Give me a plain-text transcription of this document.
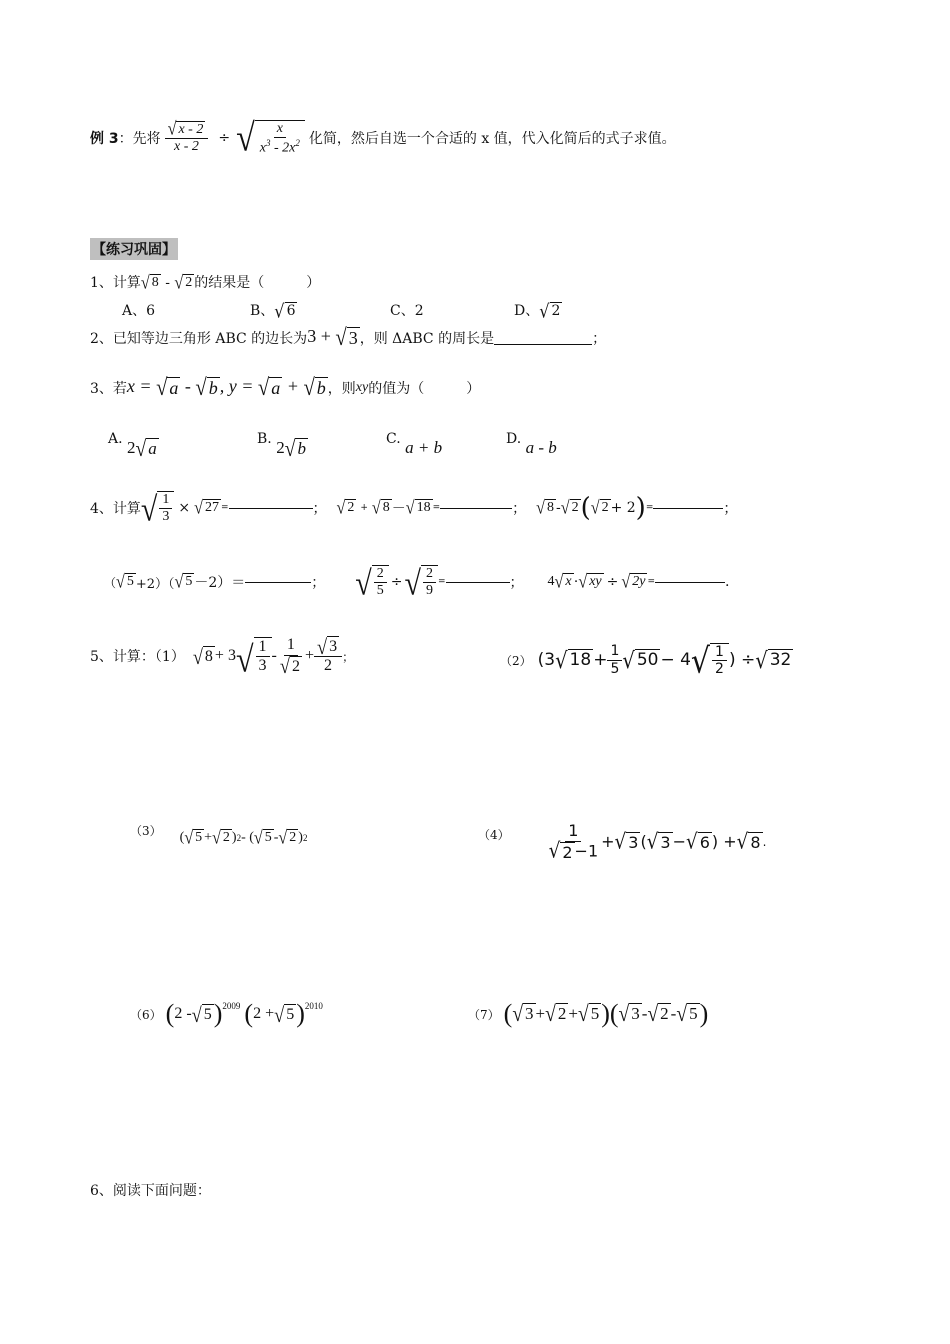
例 3 ： 先将 $\frac{√ x - 2}{x - 2}$ ÷ √ $\frac{x}{x^3 - 2x^2}$ 化简，然后自选一个合适的 x 值，代入化简后的式子求值。
【练习巩固】
1、计算 √ 8 - √ 2 的结果是（　　　）
A、6	B、 √ 6	C、2	D、 √ 2
2、已知等边三角形 ABC 的边长为 3 + √ 3 ，则 ΔABC 的周长是	；
3、若 x = √ a - √ b , y = √ a + √ b ，则 xy 的值为（　　　）
A. 2 √ a
B. 2 √ b
C. a + b	D. a - b
4、计算 √ $\frac{1}{3}$ × √ 27 =	； √ 2 + √ 8 － √ 18 =	； √ 8 - √ 2 ( √ 2 + 2 ) =	；
（ √ 5 +2）（ √ 5 －2）＝	； √ $\frac{2}{5}$ ÷ √ $\frac{2}{9}$ =	； 4 √ x ⋅ √ xy ÷ √ 2y =	.
5、计算：（1） √ 8 + 3 √ $\frac{1}{3} - \frac{1}{√ 2} + \frac{√ 3}{2}$ ；	（2） (3 √ $18 + \frac{1}{5}$ √ 50 − 4 √ $\frac{1}{2}$ ) ÷ √ 32
（3） ( √ 5 + √ 2 ) 2 - ( √ 5 - √ 2 ) 2	$(4) \frac{1}{√ 2 -1}$ + √ 3 ( √ 3 − √ 6 ) + √ 8 .
（6） ( 2 - √ 5 ) 2009 ( 2 + √ 5 ) 2010
（7） ( √ 3 + √ 2 + √ 5 )( √ 3 - √ 2 - √ 5 )
6、阅读下面问题：
